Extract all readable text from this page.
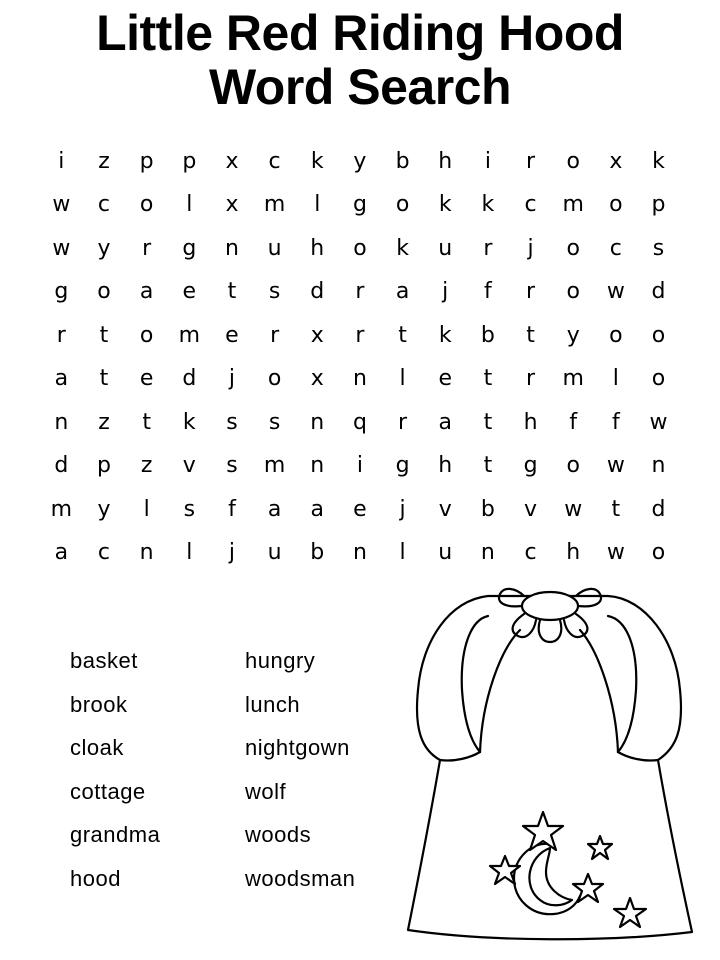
Little Red Riding Hood
Word Search
i	z	p	p	x	c	k	y	b	h	i	r	o	x	k
w	c	o	l	x	m	l	g	o	k	k	c	m	o	p
w	y	r	g	n	u	h	o	k	u	r	j	o	c	s
g	o	a	e	t	s	d	r	a	j	f	r	o	w	d
r	t	o	m	e	r	x	r	t	k	b	t	y	o	o
a	t	e	d	j	o	x	n	l	e	t	r	m	l	o
n	z	t	k	s	s	n	q	r	a	t	h	f	f	w
d	p	z	v	s	m	n	i	g	h	t	g	o	w	n
m	y	l	s	f	a	a	e	j	v	b	v	w	t	d
a	c	n	l	j	u	b	n	l	u	n	c	h	w	o
basket
brook
cloak
cottage
grandma
hood
hungry
lunch
nightgown
wolf
woods
woodsman
